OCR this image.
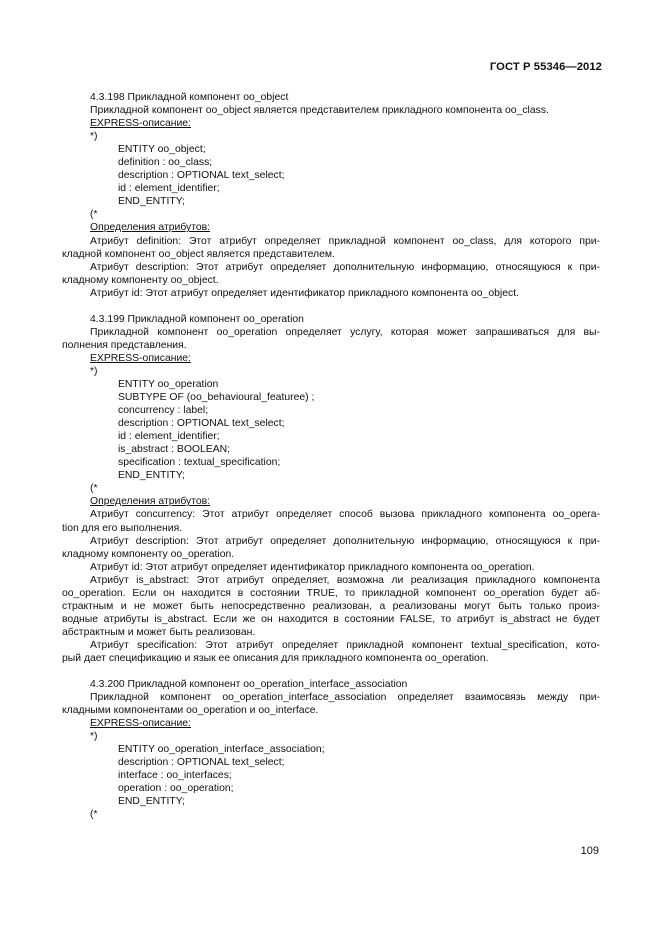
ГОСТ Р 55346—2012
4.3.198 Прикладной компонент oo_object
Прикладной компонент oo_object является представителем прикладного компонента oo_class.
EXPRESS-описание:
*)
ENTITY oo_object;
definition : oo_class;
description : OPTIONAL text_select;
id : element_identifier;
END_ENTITY;
(*
Определения атрибутов:
Атрибут definition: Этот атрибут определяет прикладной компонент oo_class, для которого при-
кладной компонент oo_object является представителем.
Атрибут description: Этот атрибут определяет дополнительную информацию, относящуюся к при-
кладному компоненту oo_object.
Атрибут id: Этот атрибут определяет идентификатор прикладного компонента oo_object.
4.3.199 Прикладной компонент oo_operation
Прикладной компонент oo_operation определяет услугу, которая может запрашиваться для вы-
полнения представления.
EXPRESS-описание:
*)
ENTITY oo_operation
SUBTYPE OF (oo_behavioural_featuree) ;
concurrency : label;
description : OPTIONAL text_select;
id : element_identifier;
is_abstract : BOOLEAN;
specification : textual_specification;
END_ENTITY;
(*
Определения атрибутов:
Атрибут concurrency: Этот атрибут определяет способ вызова прикладного компонента oo_opera-
tion для его выполнения.
Атрибут description: Этот атрибут определяет дополнительную информацию, относящуюся к при-
кладному компоненту oo_operation.
Атрибут id: Этот атрибут определяет идентификатор прикладного компонента oo_operation.
Атрибут is_abstract: Этот атрибут определяет, возможна ли реализация прикладного компонента
oo_operation. Если он находится в состоянии TRUE, то прикладной компонент oo_operation будет аб-
страктным и не может быть непосредственно реализован, а реализованы могут быть только произ-
водные атрибуты is_abstract. Если же он находится в состоянии FALSE, то атрибут is_abstract не будет
абстрактным и может быть реализован.
Атрибут specification: Этот атрибут определяет прикладной компонент textual_specification, кото-
рый дает спецификацию и язык ее описания для прикладного компонента oo_operation.
4.3.200 Прикладной компонент oo_operation_interface_association
Прикладной компонент oo_operation_interface_association определяет взаимосвязь между при-
кладными компонентами oo_operation и oo_interface.
EXPRESS-описание:
*)
ENTITY oo_operation_interface_association;
description : OPTIONAL text_select;
interface : oo_interfaces;
operation : oo_operation;
END_ENTITY;
(*
109
